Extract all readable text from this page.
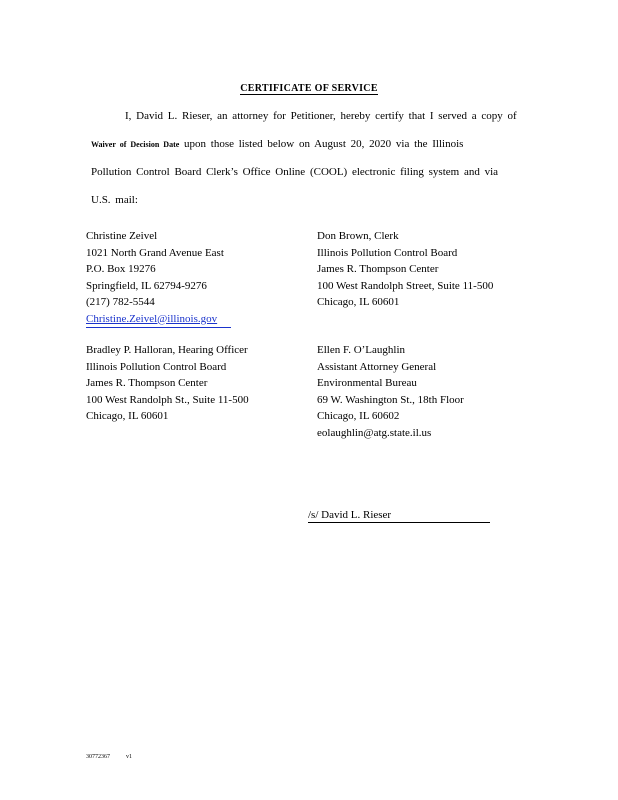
CERTIFICATE OF SERVICE
I, David L. Rieser, an attorney for Petitioner, hereby certify that I served a copy of
Waiver of Decision Date upon those listed below on August 20, 2020 via the Illinois
Pollution Control Board Clerk’s Office Online (COOL) electronic filing system and via
U.S. mail:
Christine Zeivel
1021 North Grand Avenue East
P.O. Box 19276
Springfield, IL 62794-9276
(217) 782-5544
Christine.Zeivel@illinois.gov
Don Brown, Clerk
Illinois Pollution Control Board
James R. Thompson Center
100 West Randolph Street, Suite 11-500
Chicago, IL 60601
Bradley P. Halloran, Hearing Officer
Illinois Pollution Control Board
James R. Thompson Center
100 West Randolph St., Suite 11-500
Chicago, IL 60601
Ellen F. O’Laughlin
Assistant Attorney General
Environmental Bureau
69 W. Washington St., 18th Floor
Chicago, IL 60602
eolaughlin@atg.state.il.us
/s/ David L. Rieser
30772367	v1
